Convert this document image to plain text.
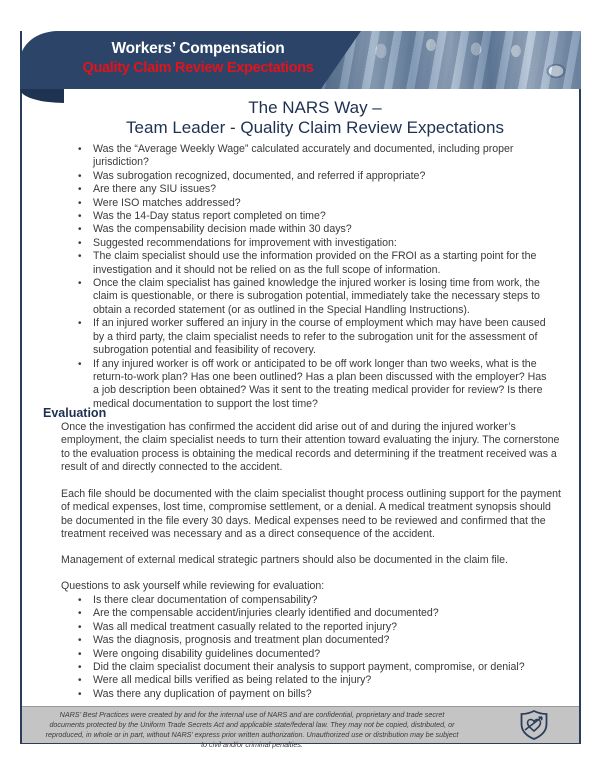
Workers’ Compensation
Quality Claim Review Expectations
The NARS Way –
Team Leader - Quality Claim Review Expectations
• Was the “Average Weekly Wage” calculated accurately and documented, including proper jurisdiction?
• Was subrogation recognized, documented, and referred if appropriate?
• Are there any SIU issues?
• Were ISO matches addressed?
• Was the 14-Day status report completed on time?
• Was the compensability decision made within 30 days?
• Suggested recommendations for improvement with investigation:
• The claim specialist should use the information provided on the FROI as a starting point for the investigation and it should not be relied on as the full scope of information.
• Once the claim specialist has gained knowledge the injured worker is losing time from work, the claim is questionable, or there is subrogation potential, immediately take the necessary steps to obtain a recorded statement (or as outlined in the Special Handling Instructions).
• If an injured worker suffered an injury in the course of employment which may have been caused by a third party, the claim specialist needs to refer to the subrogation unit for the assessment of subrogation potential and feasibility of recovery.
• If any injured worker is off work or anticipated to be off work longer than two weeks, what is the return-to-work plan? Has one been outlined? Has a plan been discussed with the employer? Has a job description been obtained? Was it sent to the treating medical provider for review? Is there medical documentation to support the lost time?
Evaluation

Once the investigation has confirmed the accident did arise out of and during the injured worker’s employment, the claim specialist needs to turn their attention toward evaluating the injury. The cornerstone to the evaluation process is obtaining the medical records and determining if the treatment received was a result of and directly connected to the accident.

Each file should be documented with the claim specialist thought process outlining support for the payment of medical expenses, lost time, compromise settlement, or a denial. A medical treatment synopsis should be documented in the file every 30 days. Medical expenses need to be reviewed and confirmed that the treatment received was necessary and as a direct consequence of the accident.

Management of external medical strategic partners should also be documented in the claim file.

Questions to ask yourself while reviewing for evaluation:

• Is there clear documentation of compensability?
• Are the compensable accident/injuries clearly identified and documented?
• Was all medical treatment casually related to the reported injury?
• Was the diagnosis, prognosis and treatment plan documented?
• Were ongoing disability guidelines documented?
• Did the claim specialist document their analysis to support payment, compromise, or denial?
• Were all medical bills verified as being related to the injury?
• Was there any duplication of payment on bills?
NARS’ Best Practices were created by and for the internal use of NARS and are confidential, proprietary and trade secret documents protected by the Uniform Trade Secrets Act and applicable state/federal law. They may not be copied, distributed, or reproduced, in whole or in part, without NARS’ express prior written authorization. Unauthorized use or distribution may be subject to civil and/or criminal penalties.
